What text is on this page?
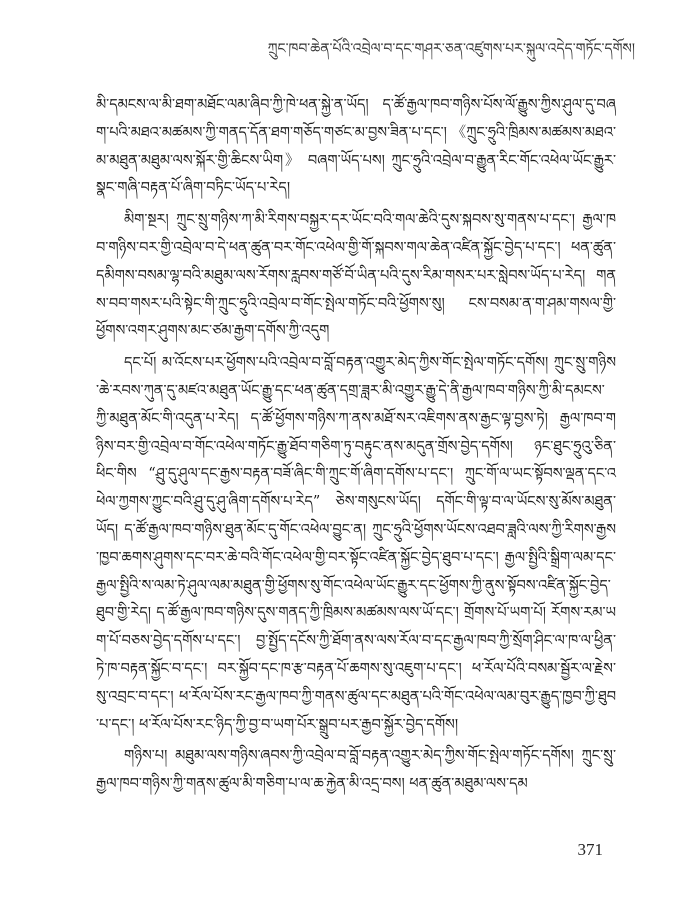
ཀྲུང་ཁབ་ཆེན་པོའི་འབྲེལ་བ་དང་གཤར་ཅན་འཛུགས་པར་སྐུལ་འདེད་གཏོང་དགོས།

མི་དམངས་ལ་མི་ཐག་མཐོང་ལམ་ཞིབ་ཀྱི་ཁེ་ཕན་སྐྱེ་ན་ཡོད། ད་ཚོ་རྒྱལ་ཁབ་གཉིས་པོས་ལོ་རྒྱུས་ཀྱིས་ཤུལ་དུ་བཞག་པའི་མཐའ་མཚམས་ཀྱི་གནད་དོན་ཐག་གཅོད་གཙང་མ་བྱས་ཟིན་པ་དང་། 《ཀྲུང་ཧྲུའི་ཁྲིམས་མཚམས་མཐའ་མ་མཐུན་མཐུམ་ལས་སྐོར་གྱི་ཆིངས་ཡིག》 བཞག་ཡོད་པས། ཀྲུང་ཧྲུའི་འབྲེལ་བ་རྒྱུན་རིང་གོང་འཕེལ་ཡོང་རྒྱུར་སྣང་གཞི་བརྟན་པོ་ཞིག་བཏིང་ཡོད་པ་རེད།

མིག་སྔར། ཀྲུང་སྲུ་གཉིས་ཀ་མི་རིགས་བསྐྱར་དར་ཡོང་བའི་གལ་ཆེའི་དུས་སྐབས་སུ་གནས་པ་དང་། རྒྱལ་ཁབ་གཉིས་བར་གྱི་འབྲེལ་བ་དེ་ཕན་ཚུན་བར་གོང་འཕེལ་གྱི་གོ་སྐབས་གལ་ཆེན་འཛིན་སྐྱོང་བྱེད་པ་དང་། ཕན་ཚུན་དམིགས་བསམ་ལྷ་བའི་མཐུམ་ལས་རོགས་རླབས་གཙོ་བོ་ཡིན་པའི་དུས་རིམ་གསར་པར་སླེབས་ཡོད་པ་རེད། གནས་བབ་གསར་པའི་སྟེང་གི་ཀྲུང་ཧྲུའི་འབྲེལ་བ་གོང་སྤེལ་གཏོང་བའི་ཕྱོགས་སུ། ངས་བསམ་ན་ག་ཤམ་གསལ་གྱི་ཕྱོགས་འགར་ཤུགས་མང་ཙམ་རྒྱག་དགོས་ཀྱི་འདུག

དང་པོ། མ་འོངས་པར་ཕྱོགས་པའི་འབྲེལ་བ་བློ་བརྟན་འགྱུར་མེད་ཀྱིས་གོང་སྤེལ་གཏོང་དགོས། ཀྲུང་སྲུ་གཉིས་ཆེ་རབས་ཀུན་དུ་མཛའ་མཐུན་ཡོང་རྒྱུ་དང་ཕན་ཚུན་དགྲ་ཟླར་མི་འགྱུར་རྒྱུ་དེ་ནི་རྒྱལ་ཁབ་གཉིས་ཀྱི་མི་དམངས་ཀྱི་མཐུན་མོང་གི་འདུན་པ་རེད། ད་ཚོ་ཕྱོགས་གཉིས་ཀ་ནས་མཐོ་སར་འཇིགས་ནས་རྒྱང་ལྟ་བྱས་ཏེ། རྒྱལ་ཁབ་གཉིས་བར་གྱི་འབྲེལ་བ་གོང་འཕེལ་གཏོང་རྒྱུ་ཐོབ་གཅིག་ཏུ་བརྟུང་ནས་མདུན་གྲོས་བྱེད་དགོས། ཉང་ཐུང་ཧྲུའུ་ཅིན་ཕིང་གིས “ཤྲུ་དུ་ཤུལ་དང་རྒྱས་བརྟན་བཟོ་ཞིང་གི་ཀྲུང་གོ་ཞིག་དགོས་པ་དང་། ཀྲུང་གོ་ལ་ཡང་སྟོབས་ལྡན་དང་འཕེལ་ཀྱགས་ཀྱུང་བའི་ཤྲུ་དུ་ཤུ་ཞིག་དགོས་པ་རེད” ཅེས་གསུངས་ཡོད། དགོང་གི་ལྟ་བ་ལ་ཡོངས་སུ་མོས་མཐུན་ཡོད། ད་ཚོ་རྒྱལ་ཁབ་གཉིས་ཐུན་མོང་དུ་གོང་འཕེལ་བྱུང་ན། ཀྲུང་ཧྲུའི་ཕྱོགས་ཡོངས་འཐབ་ཟླའི་ལས་ཀྱི་རིགས་རྒྱས་ཁྱབ་ཆགས་ཤུགས་དང་བར་ཆེ་བའི་གོང་འཕེལ་གྱི་བར་སྟོང་འཛིན་སྐྱོང་བྱེད་ཐུབ་པ་དང་། རྒྱལ་སྤྱིའི་སྒྲིག་ལམ་དང་རྒྱལ་སྤྱིའི་ས་ལམ་ཏེ་ཤུལ་ལམ་མཐུན་གྱི་ཕྱོགས་སུ་གོང་འཕེལ་ཡོང་རྒྱུར་དང་ཕྱོགས་ཀྱི་ནུས་སྟོབས་འཛིན་སྐྱོང་བྱེད་ཐུབ་གྱི་རེད། ད་ཚོ་རྒྱལ་ཁབ་གཉིས་དུས་གནད་ཀྱི་ཁྲིམས་མཚམས་ལས་ཡོ་དང་། གྲོགས་པོ་ཡག་པོ། རོགས་རམ་ཡག་པོ་བཅས་བྱེད་དགོས་པ་དང་། བྱ་སྤྱོད་དངོས་ཀྱི་ཐོག་ནས་ལས་རོལ་བ་དང་རྒྱལ་ཁབ་ཀྱི་སྲོག་ཤིང་ལ་ཁ་ལ་ཕྱིན་ཏེ་ཁ་བརྟན་སྐྱོང་བ་དང་། བར་སྐྱོབ་དང་ཁ་རྩ་བརྟན་པོ་ཆགས་སུ་འཇུག་པ་དང་། ཕ་རོལ་པོའི་བསམ་སྦྱོར་ལ་རྗེས་སུ་འབྲང་བ་དང་། ཕ་རོལ་པོས་རང་རྒྱལ་ཁབ་ཀྱི་གནས་ཚུལ་དང་མཐུན་པའི་གོང་འཕེལ་ལམ་བུར་རྒྱུད་ཁྱབ་ཀྱི་ཐུབ་པ་དང་། ཕ་རོལ་པོས་རང་ཉིད་ཀྱི་བྱ་བ་ཡག་པོར་སྒྲུབ་པར་རྒྱབ་སྐྱོར་བྱེད་དགོས།

གཉིས་པ། མཐུམ་ལས་གཉིས་ཞབས་ཀྱི་འབྲེལ་བ་བློ་བརྟན་འགྱུར་མེད་ཀྱིས་གོང་སྤེལ་གཏོང་དགོས། ཀྲུང་སྲུ་རྒྱལ་ཁབ་གཉིས་ཀྱི་གནས་ཚུལ་མི་གཅིག་པ་ལ་ཆ་རྐྱེན་མི་འདྲ་བས། ཕན་ཚུན་མཐུམ་ལས་དམ

371
